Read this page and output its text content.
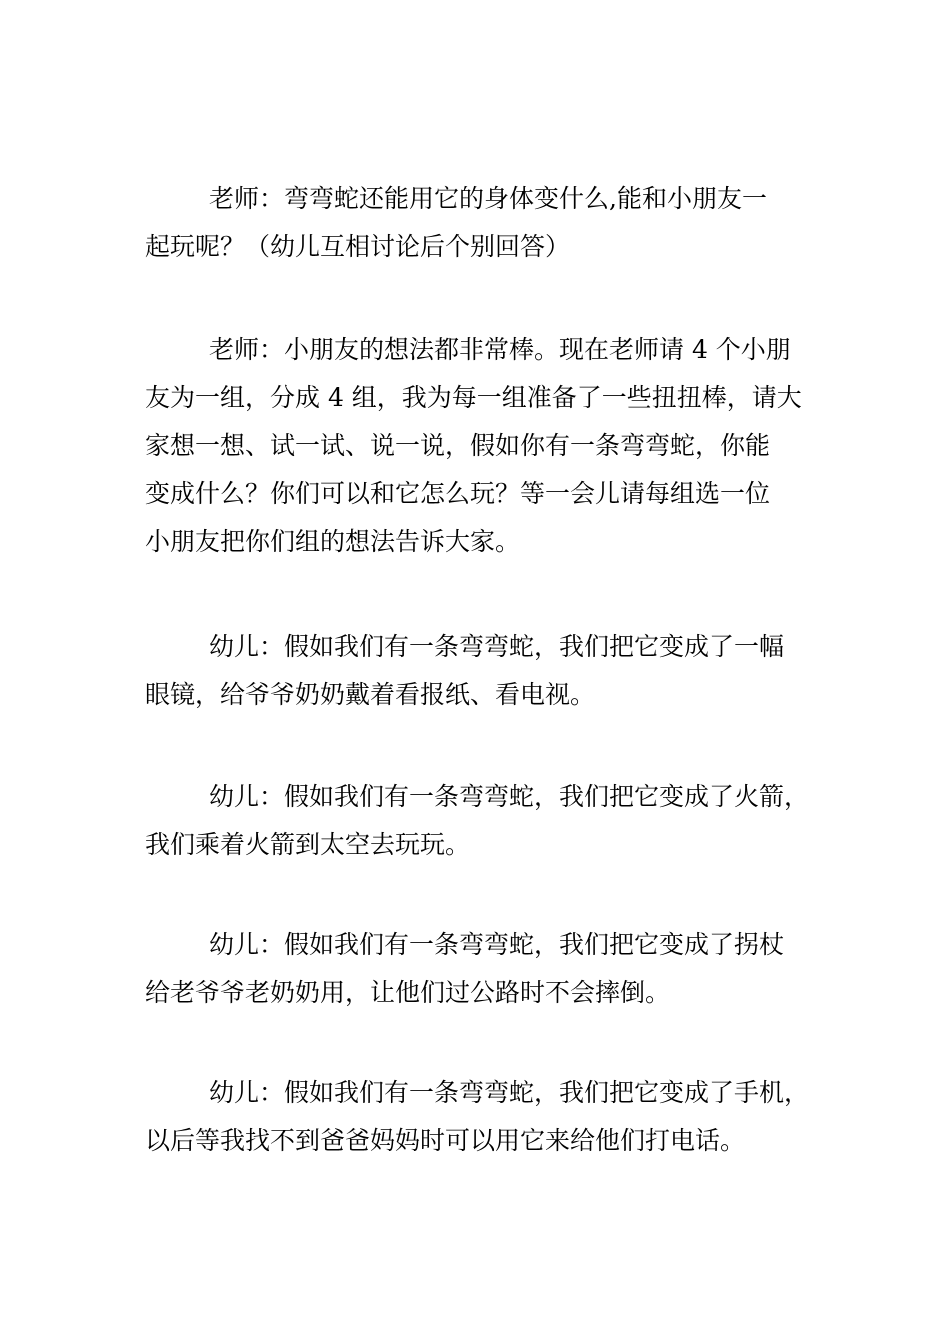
老师：弯弯蛇还能用它的身体变什么,能和小朋友一
起玩呢？（幼儿互相讨论后个别回答）

老师：小朋友的想法都非常棒。现在老师请 4 个小朋
友为一组，分成 4 组，我为每一组准备了一些扭扭棒，请大
家想一想、试一试、说一说，假如你有一条弯弯蛇，你能
变成什么？你们可以和它怎么玩？等一会儿请每组选一位
小朋友把你们组的想法告诉大家。

幼儿：假如我们有一条弯弯蛇，我们把它变成了一幅
眼镜，给爷爷奶奶戴着看报纸、看电视。

幼儿：假如我们有一条弯弯蛇，我们把它变成了火箭，
我们乘着火箭到太空去玩玩。

幼儿：假如我们有一条弯弯蛇，我们把它变成了拐杖
给老爷爷老奶奶用，让他们过公路时不会摔倒。

幼儿：假如我们有一条弯弯蛇，我们把它变成了手机，
以后等我找不到爸爸妈妈时可以用它来给他们打电话。
